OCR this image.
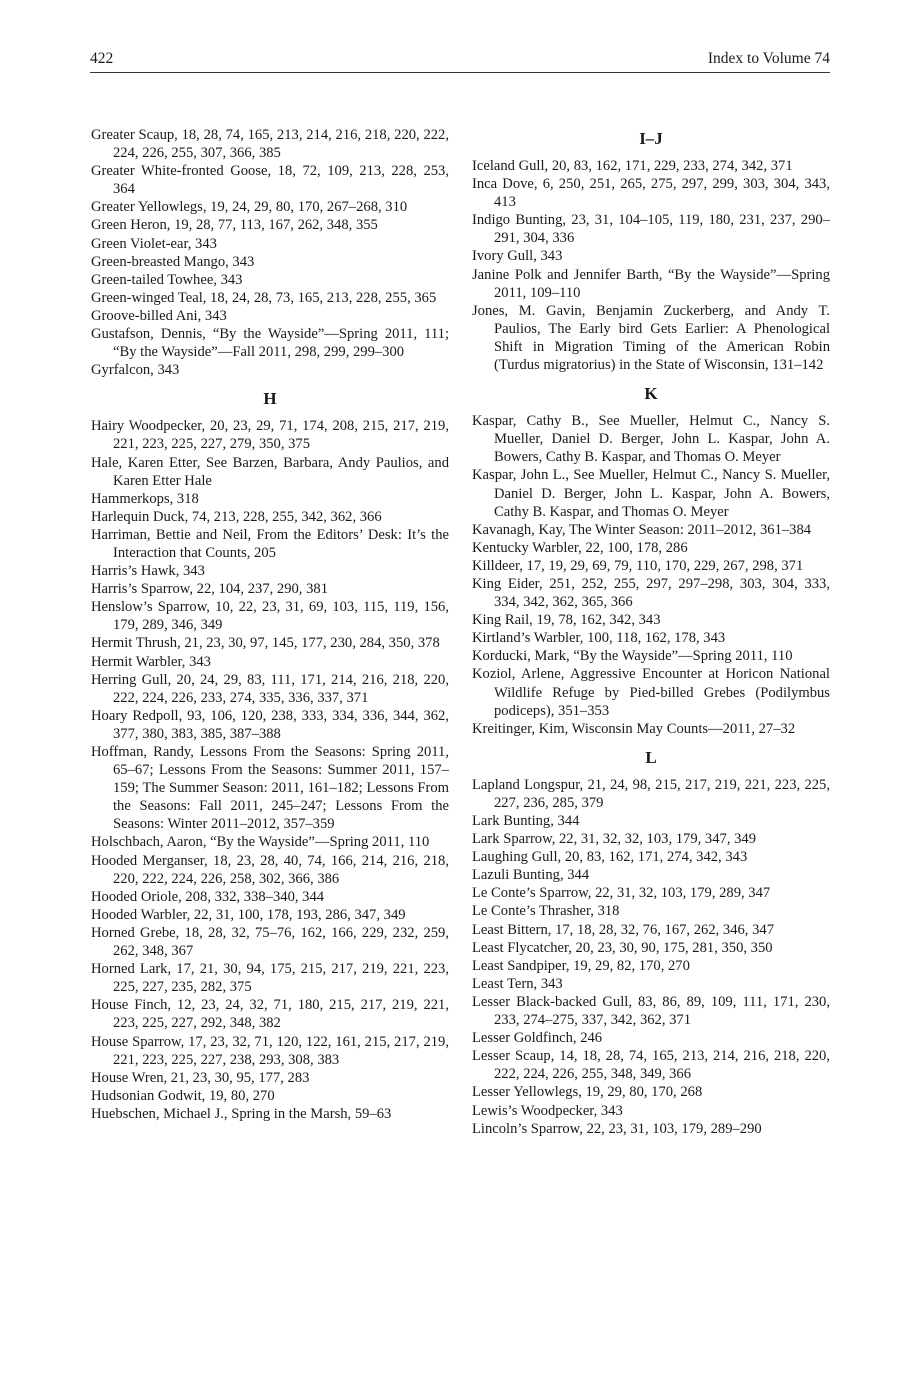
422	Index to Volume 74
Greater Scaup, 18, 28, 74, 165, 213, 214, 216, 218, 220, 222, 224, 226, 255, 307, 366, 385
Greater White-fronted Goose, 18, 72, 109, 213, 228, 253, 364
Greater Yellowlegs, 19, 24, 29, 80, 170, 267–268, 310
Green Heron, 19, 28, 77, 113, 167, 262, 348, 355
Green Violet-ear, 343
Green-breasted Mango, 343
Green-tailed Towhee, 343
Green-winged Teal, 18, 24, 28, 73, 165, 213, 228, 255, 365
Groove-billed Ani, 343
Gustafson, Dennis, “By the Wayside”—Spring 2011, 111; “By the Wayside”—Fall 2011, 298, 299, 299–300
Gyrfalcon, 343
H
Hairy Woodpecker, 20, 23, 29, 71, 174, 208, 215, 217, 219, 221, 223, 225, 227, 279, 350, 375
Hale, Karen Etter, See Barzen, Barbara, Andy Paulios, and Karen Etter Hale
Hammerkops, 318
Harlequin Duck, 74, 213, 228, 255, 342, 362, 366
Harriman, Bettie and Neil, From the Editors’ Desk: It’s the Interaction that Counts, 205
Harris’s Hawk, 343
Harris’s Sparrow, 22, 104, 237, 290, 381
Henslow’s Sparrow, 10, 22, 23, 31, 69, 103, 115, 119, 156, 179, 289, 346, 349
Hermit Thrush, 21, 23, 30, 97, 145, 177, 230, 284, 350, 378
Hermit Warbler, 343
Herring Gull, 20, 24, 29, 83, 111, 171, 214, 216, 218, 220, 222, 224, 226, 233, 274, 335, 336, 337, 371
Hoary Redpoll, 93, 106, 120, 238, 333, 334, 336, 344, 362, 377, 380, 383, 385, 387–388
Hoffman, Randy, Lessons From the Seasons: Spring 2011, 65–67; Lessons From the Seasons: Summer 2011, 157–159; The Summer Season: 2011, 161–182; Lessons From the Seasons: Fall 2011, 245–247; Lessons From the Seasons: Winter 2011–2012, 357–359
Holschbach, Aaron, “By the Wayside”—Spring 2011, 110
Hooded Merganser, 18, 23, 28, 40, 74, 166, 214, 216, 218, 220, 222, 224, 226, 258, 302, 366, 386
Hooded Oriole, 208, 332, 338–340, 344
Hooded Warbler, 22, 31, 100, 178, 193, 286, 347, 349
Horned Grebe, 18, 28, 32, 75–76, 162, 166, 229, 232, 259, 262, 348, 367
Horned Lark, 17, 21, 30, 94, 175, 215, 217, 219, 221, 223, 225, 227, 235, 282, 375
House Finch, 12, 23, 24, 32, 71, 180, 215, 217, 219, 221, 223, 225, 227, 292, 348, 382
House Sparrow, 17, 23, 32, 71, 120, 122, 161, 215, 217, 219, 221, 223, 225, 227, 238, 293, 308, 383
House Wren, 21, 23, 30, 95, 177, 283
Hudsonian Godwit, 19, 80, 270
Huebschen, Michael J., Spring in the Marsh, 59–63
I–J
Iceland Gull, 20, 83, 162, 171, 229, 233, 274, 342, 371
Inca Dove, 6, 250, 251, 265, 275, 297, 299, 303, 304, 343, 413
Indigo Bunting, 23, 31, 104–105, 119, 180, 231, 237, 290–291, 304, 336
Ivory Gull, 343
Janine Polk and Jennifer Barth, “By the Wayside”—Spring 2011, 109–110
Jones, M. Gavin, Benjamin Zuckerberg, and Andy T. Paulios, The Early bird Gets Earlier: A Phenological Shift in Migration Timing of the American Robin (Turdus migratorius) in the State of Wisconsin, 131–142
K
Kaspar, Cathy B., See Mueller, Helmut C., Nancy S. Mueller, Daniel D. Berger, John L. Kaspar, John A. Bowers, Cathy B. Kaspar, and Thomas O. Meyer
Kaspar, John L., See Mueller, Helmut C., Nancy S. Mueller, Daniel D. Berger, John L. Kaspar, John A. Bowers, Cathy B. Kaspar, and Thomas O. Meyer
Kavanagh, Kay, The Winter Season: 2011–2012, 361–384
Kentucky Warbler, 22, 100, 178, 286
Killdeer, 17, 19, 29, 69, 79, 110, 170, 229, 267, 298, 371
King Eider, 251, 252, 255, 297, 297–298, 303, 304, 333, 334, 342, 362, 365, 366
King Rail, 19, 78, 162, 342, 343
Kirtland’s Warbler, 100, 118, 162, 178, 343
Korducki, Mark, “By the Wayside”—Spring 2011, 110
Koziol, Arlene, Aggressive Encounter at Horicon National Wildlife Refuge by Pied-billed Grebes (Podilymbus podiceps), 351–353
Kreitinger, Kim, Wisconsin May Counts—2011, 27–32
L
Lapland Longspur, 21, 24, 98, 215, 217, 219, 221, 223, 225, 227, 236, 285, 379
Lark Bunting, 344
Lark Sparrow, 22, 31, 32, 32, 103, 179, 347, 349
Laughing Gull, 20, 83, 162, 171, 274, 342, 343
Lazuli Bunting, 344
Le Conte’s Sparrow, 22, 31, 32, 103, 179, 289, 347
Le Conte’s Thrasher, 318
Least Bittern, 17, 18, 28, 32, 76, 167, 262, 346, 347
Least Flycatcher, 20, 23, 30, 90, 175, 281, 350, 350
Least Sandpiper, 19, 29, 82, 170, 270
Least Tern, 343
Lesser Black-backed Gull, 83, 86, 89, 109, 111, 171, 230, 233, 274–275, 337, 342, 362, 371
Lesser Goldfinch, 246
Lesser Scaup, 14, 18, 28, 74, 165, 213, 214, 216, 218, 220, 222, 224, 226, 255, 348, 349, 366
Lesser Yellowlegs, 19, 29, 80, 170, 268
Lewis’s Woodpecker, 343
Lincoln’s Sparrow, 22, 23, 31, 103, 179, 289–290
